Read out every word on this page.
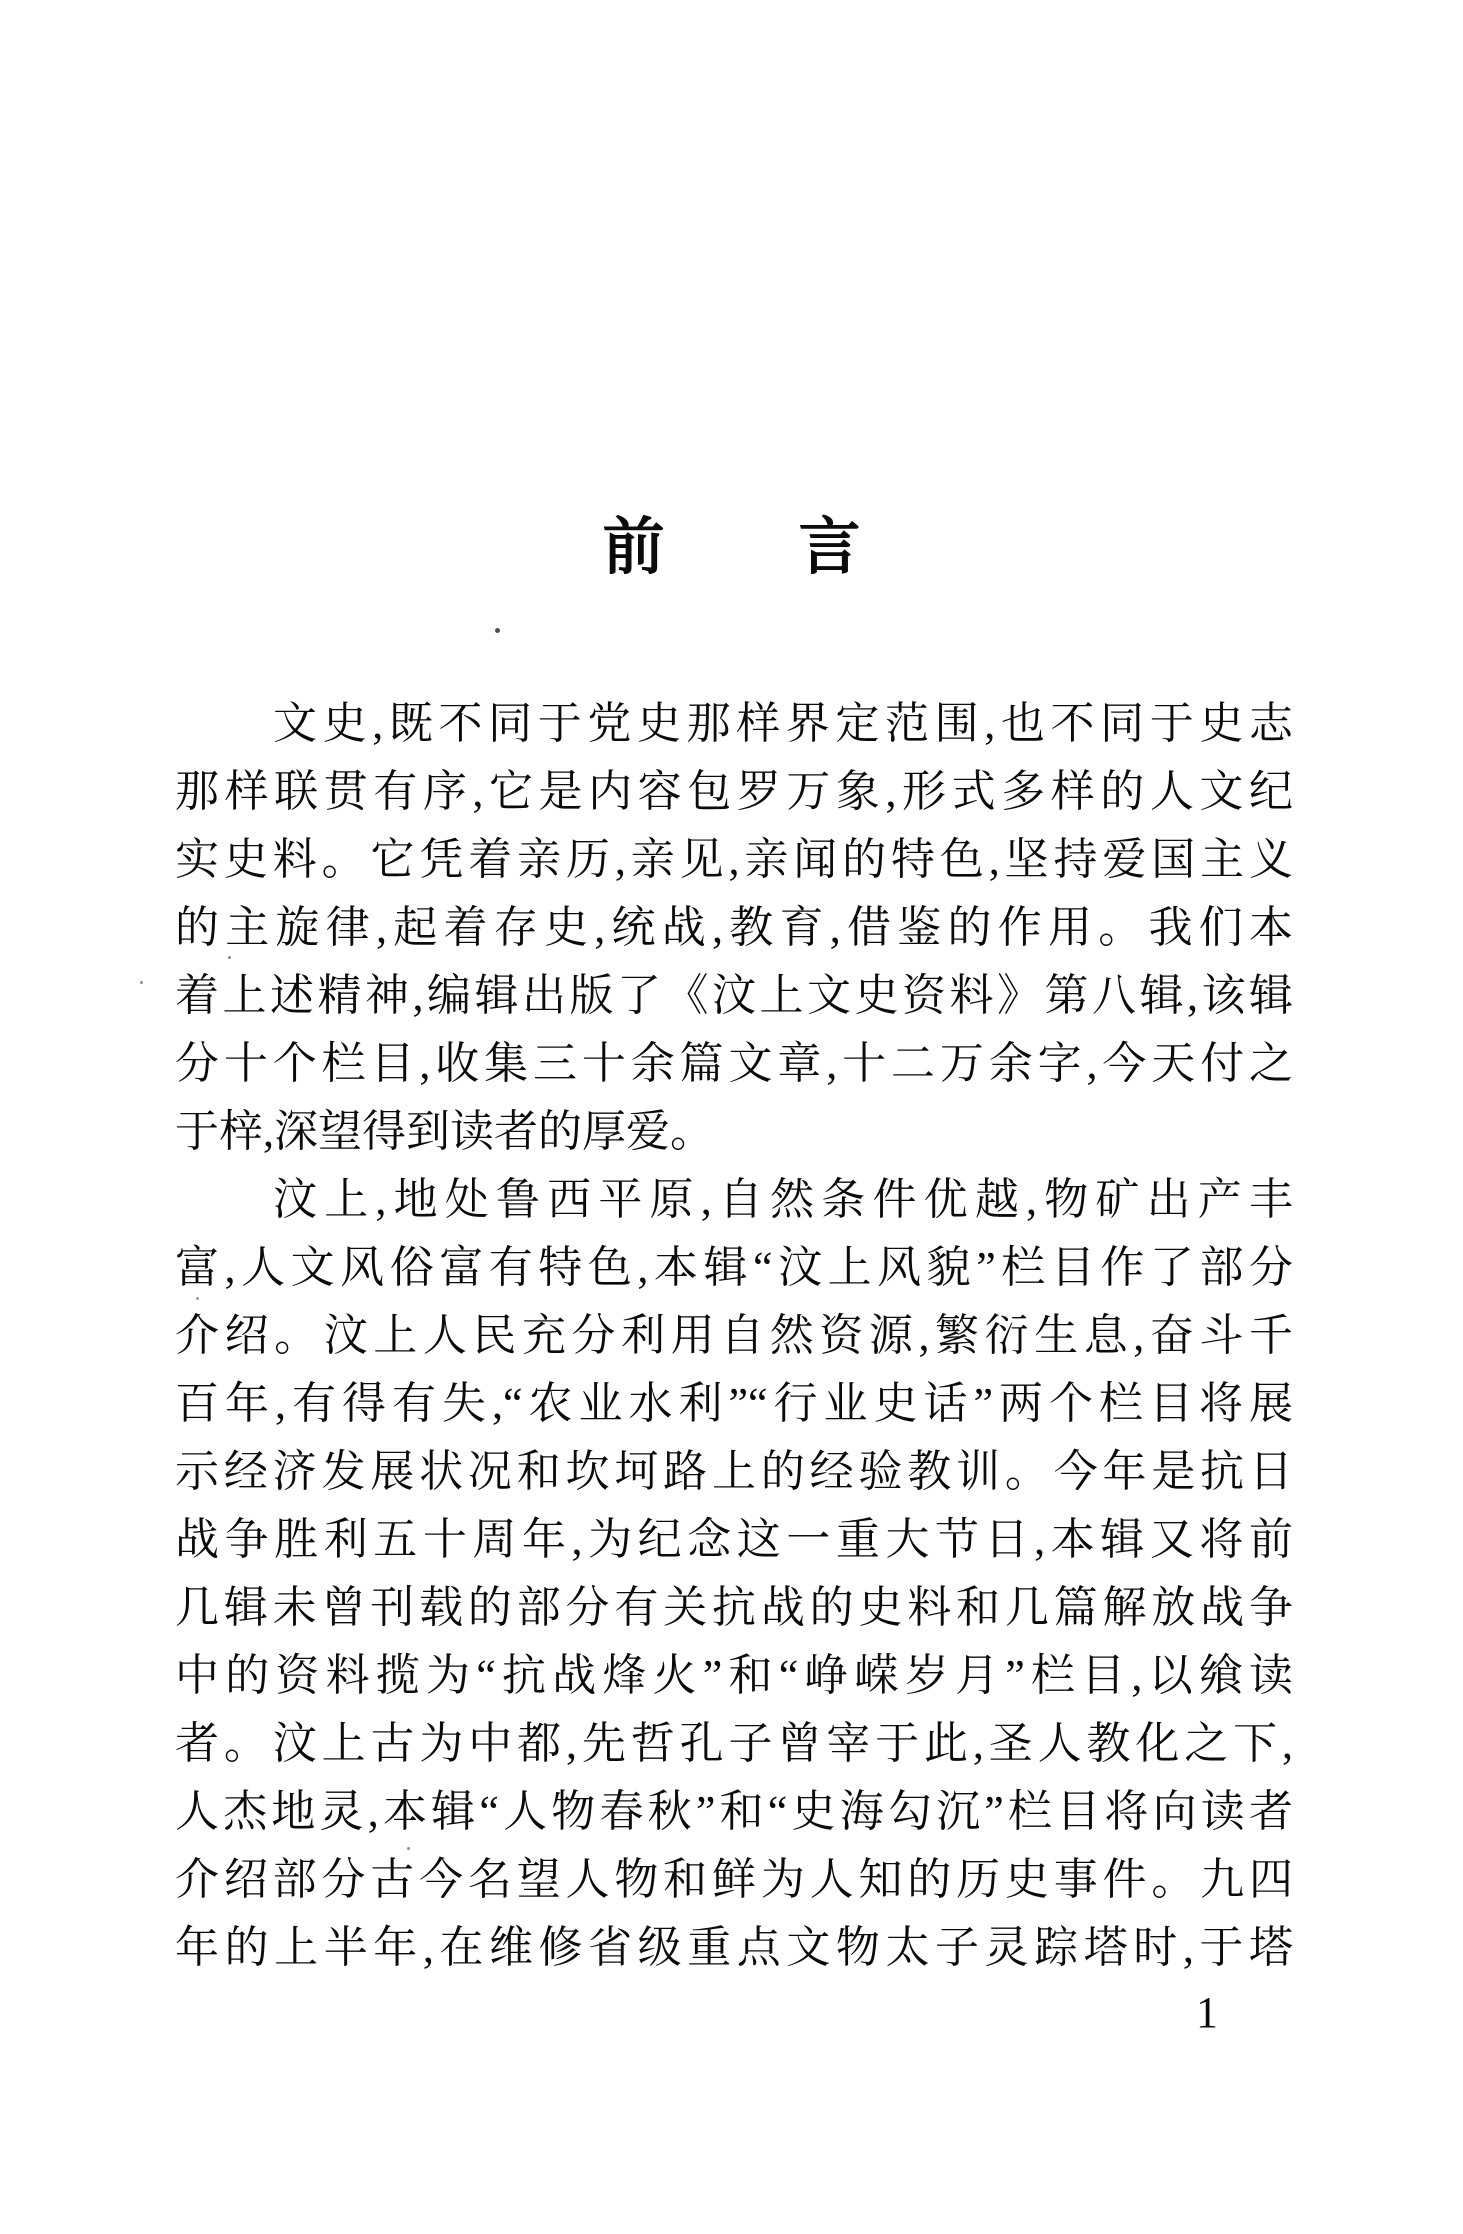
前 言
文史,既不同于党史那样界定范围,也不同于史志
那样联贯有序,它是内容包罗万象,形式多样的人文纪
实史料。它凭着亲历,亲见,亲闻的特色,坚持爱国主义
的主旋律,起着存史,统战,教育,借鉴的作用。我们本
着上述精神,编辑出版了《汶上文史资料》第八辑,该辑
分十个栏目,收集三十余篇文章,十二万余字,今天付之
于梓,深望得到读者的厚爱。
汶上,地处鲁西平原,自然条件优越,物矿出产丰
富,人文风俗富有特色,本辑“汶上风貌”栏目作了部分
介绍。汶上人民充分利用自然资源,繁衍生息,奋斗千
百年,有得有失,“农业水利”“行业史话”两个栏目将展
示经济发展状况和坎坷路上的经验教训。今年是抗日
战争胜利五十周年,为纪念这一重大节日,本辑又将前
几辑未曾刊载的部分有关抗战的史料和几篇解放战争
中的资料揽为“抗战烽火”和“峥嵘岁月”栏目,以飨读
者。汶上古为中都,先哲孔子曾宰于此,圣人教化之下,
人杰地灵,本辑“人物春秋”和“史海勾沉”栏目将向读者
介绍部分古今名望人物和鲜为人知的历史事件。九四
年的上半年,在维修省级重点文物太子灵踪塔时,于塔
1
